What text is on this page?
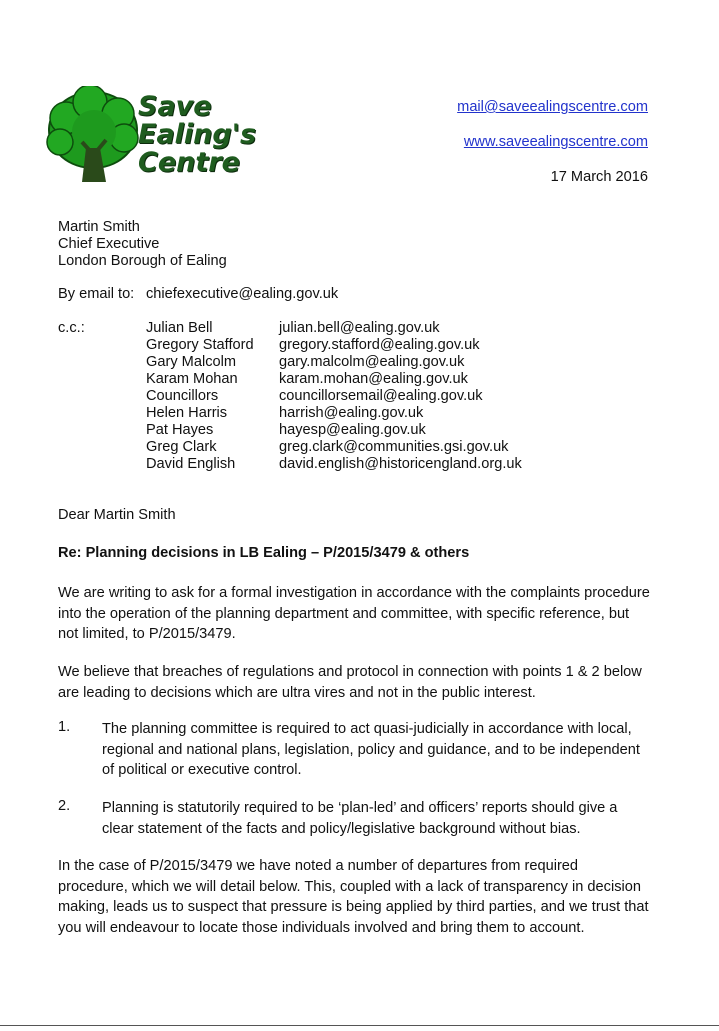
Save
Ealing's
Centre
mail@saveealingscentre.com
www.saveealingscentre.com
17 March 2016
Martin Smith
Chief Executive
London Borough of Ealing
By email to: chiefexecutive@ealing.gov.uk
c.c.:	Julian Bell	julian.bell@ealing.gov.uk
Gregory Stafford gregory.stafford@ealing.gov.uk
Gary Malcolm	gary.malcolm@ealing.gov.uk
Karam Mohan	karam.mohan@ealing.gov.uk
Councillors	councillorsemail@ealing.gov.uk
Helen Harris	harrish@ealing.gov.uk
Pat Hayes	hayesp@ealing.gov.uk
Greg Clark	greg.clark@communities.gsi.gov.uk
David English	david.english@historicengland.org.uk
Dear Martin Smith
Re: Planning decisions in LB Ealing – P/2015/3479 & others
We are writing to ask for a formal investigation in accordance with the complaints procedure
into the operation of the planning department and committee, with specific reference, but
not limited, to P/2015/3479.
We believe that breaches of regulations and protocol in connection with points 1 & 2 below
are leading to decisions which are ultra vires and not in the public interest.
1. The planning committee is required to act quasi-judicially in accordance with local,
regional and national plans, legislation, policy and guidance, and to be independent
of political or executive control.
2. Planning is statutorily required to be ‘plan-led’ and officers’ reports should give a
clear statement of the facts and policy/legislative background without bias.
In the case of P/2015/3479 we have noted a number of departures from required
procedure, which we will detail below. This, coupled with a lack of transparency in decision
making, leads us to suspect that pressure is being applied by third parties, and we trust that
you will endeavour to locate those individuals involved and bring them to account.
